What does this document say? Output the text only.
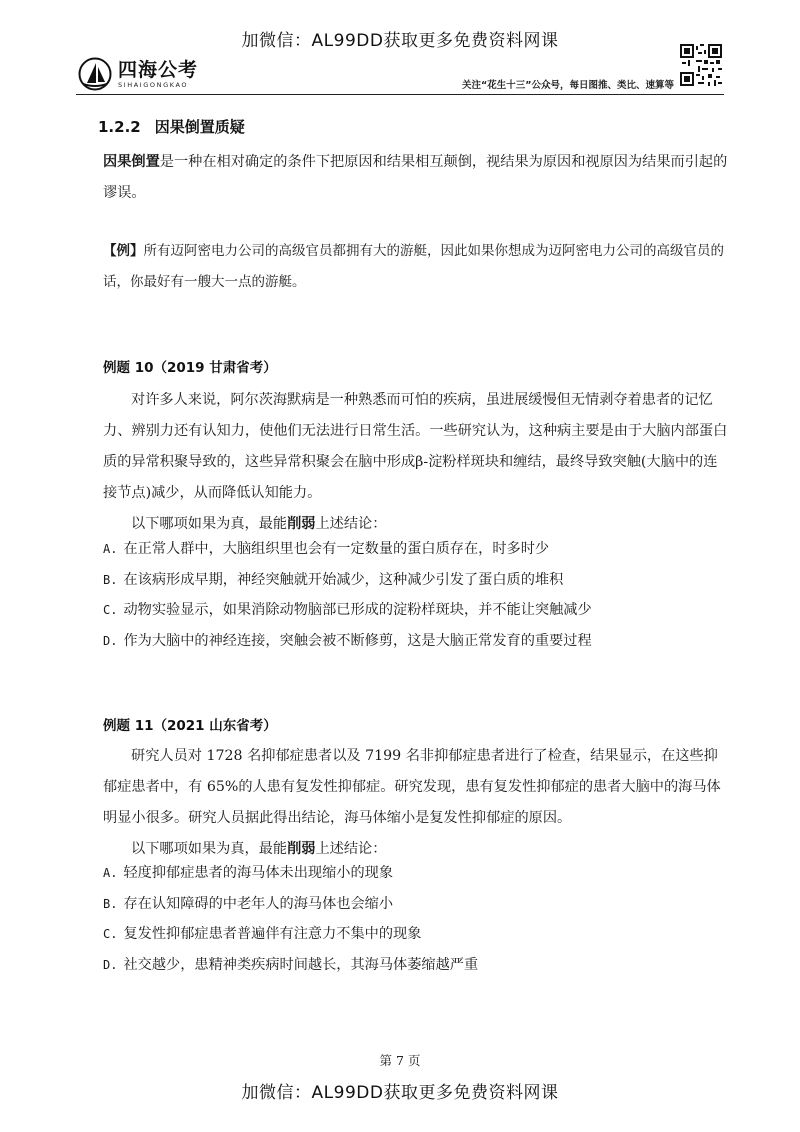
加微信：AL99DD获取更多免费资料网课
四海公考
SIHAIGONGKAO	关注“花生十三”公众号，每日图推、类比、速算等
1.2.2 因果倒置质疑
因果倒置是一种在相对确定的条件下把原因和结果相互颠倒，视结果为原因和视原因为结果而引起的谬误。
【例】所有迈阿密电力公司的高级官员都拥有大的游艇，因此如果你想成为迈阿密电力公司的高级官员的话，你最好有一艘大一点的游艇。
例题 10（2019 甘肃省考）
对许多人来说，阿尔茨海默病是一种熟悉而可怕的疾病，虽进展缓慢但无情剥夺着患者的记忆力、辨别力还有认知力，使他们无法进行日常生活。一些研究认为，这种病主要是由于大脑内部蛋白质的异常积聚导致的，这些异常积聚会在脑中形成β-淀粉样斑块和缠结，最终导致突触(大脑中的连接节点)减少，从而降低认知能力。
以下哪项如果为真，最能削弱上述结论：
A. 在正常人群中，大脑组织里也会有一定数量的蛋白质存在，时多时少
B. 在该病形成早期，神经突触就开始减少，这种减少引发了蛋白质的堆积
C. 动物实验显示，如果消除动物脑部已形成的淀粉样斑块，并不能让突触减少
D. 作为大脑中的神经连接，突触会被不断修剪，这是大脑正常发育的重要过程
例题 11（2021 山东省考）
研究人员对 1728 名抑郁症患者以及 7199 名非抑郁症患者进行了检查，结果显示，在这些抑郁症患者中，有 65%的人患有复发性抑郁症。研究发现，患有复发性抑郁症的患者大脑中的海马体明显小很多。研究人员据此得出结论，海马体缩小是复发性抑郁症的原因。
以下哪项如果为真，最能削弱上述结论：
A. 轻度抑郁症患者的海马体未出现缩小的现象
B. 存在认知障碍的中老年人的海马体也会缩小
C. 复发性抑郁症患者普遍伴有注意力不集中的现象
D. 社交越少，患精神类疾病时间越长，其海马体萎缩越严重
第 7 页
加微信：AL99DD获取更多免费资料网课
